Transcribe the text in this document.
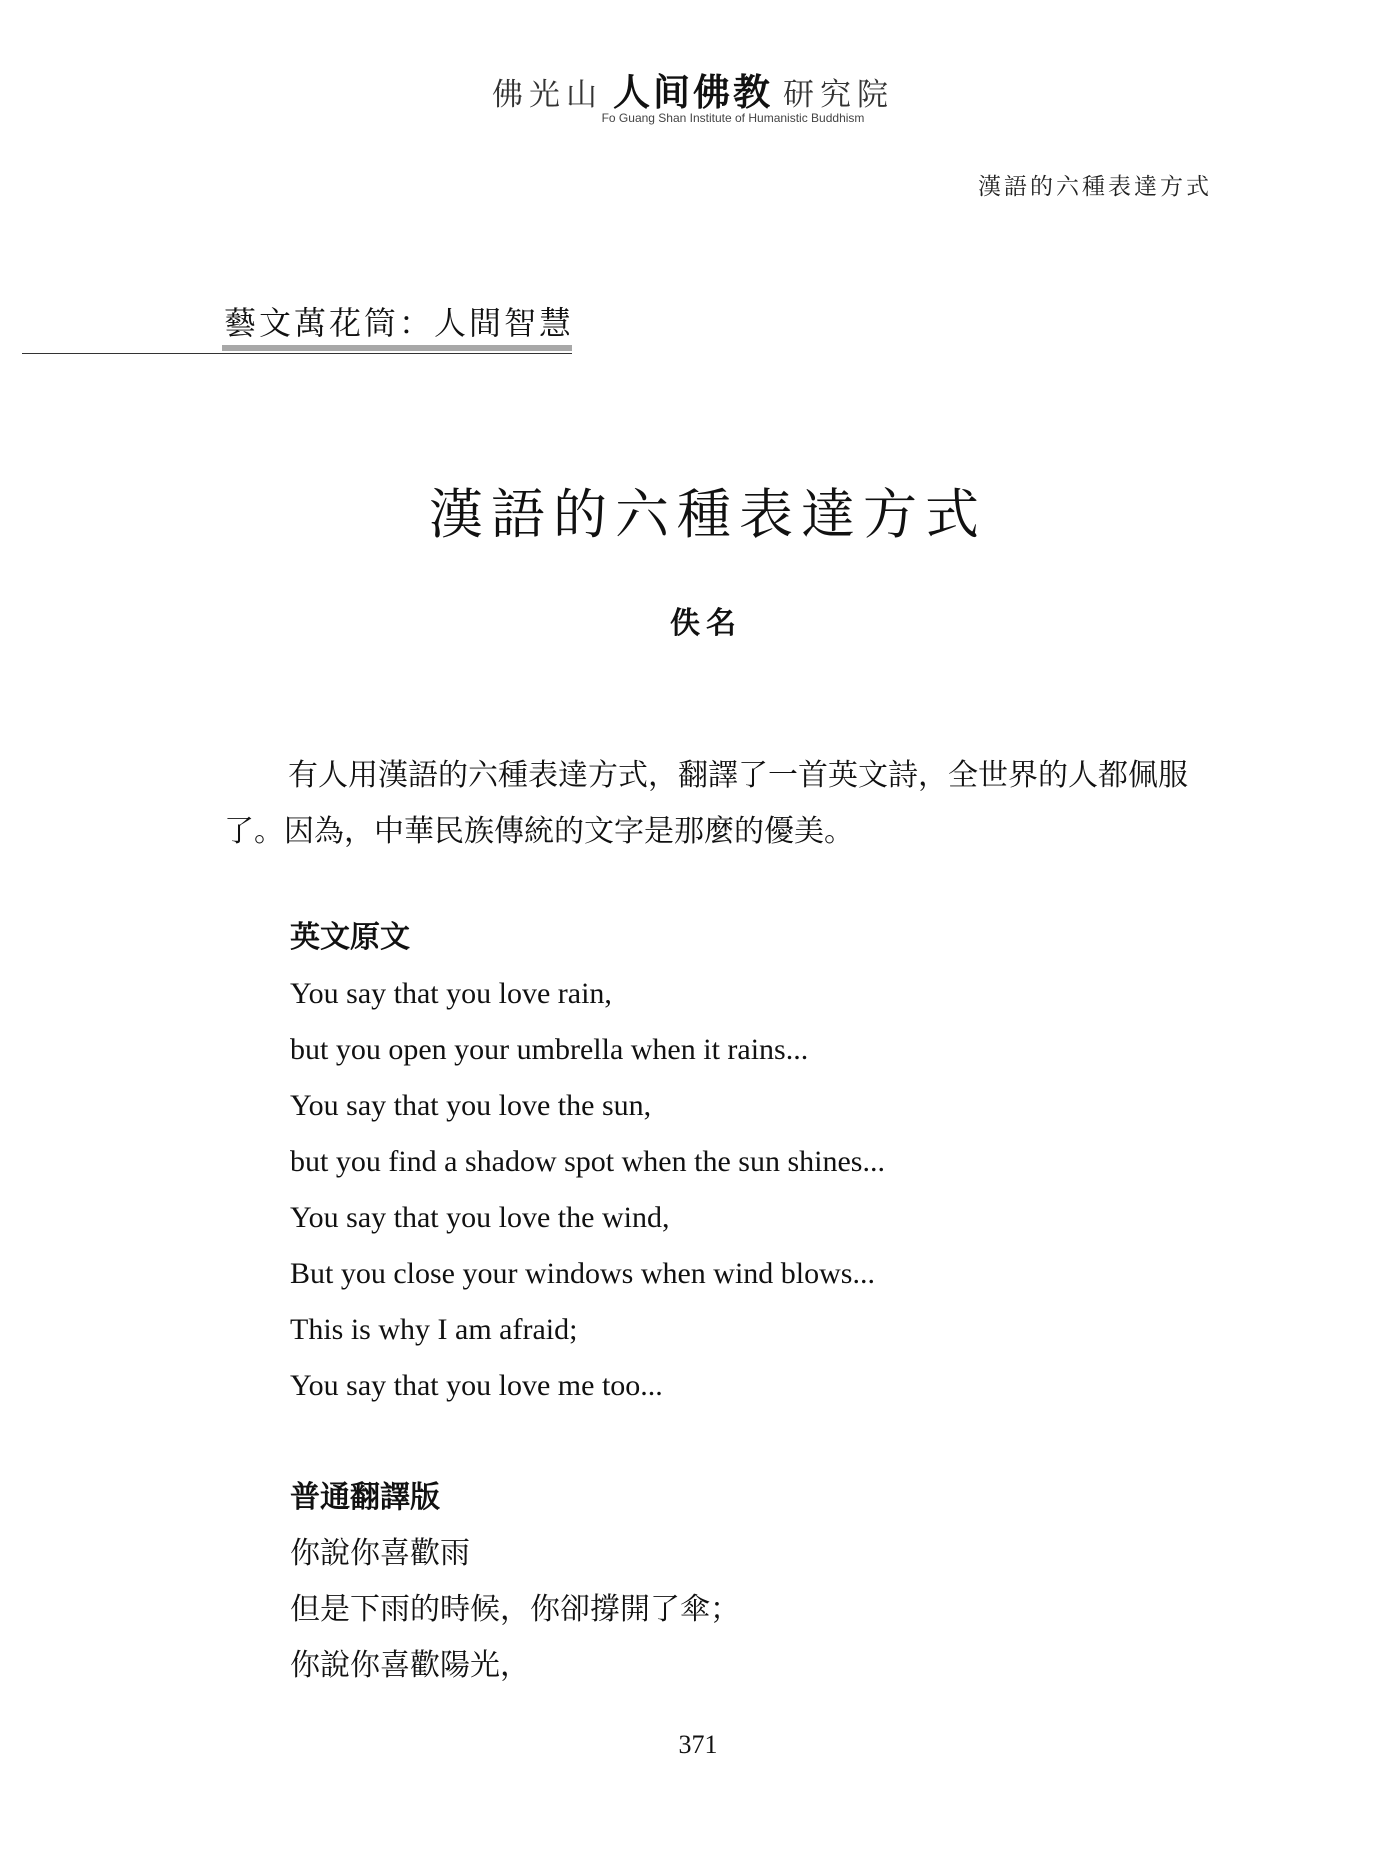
佛光山 人间佛教 研究院
Fo Guang Shan Institute of Humanistic Buddhism
漢語的六種表達方式
藝文萬花筒：人間智慧
漢語的六種表達方式
佚名

有人用漢語的六種表達方式，翻譯了一首英文詩，全世界的人都佩服了。因為，中華民族傳統的文字是那麼的優美。

英文原文
You say that you love rain,
but you open your umbrella when it rains...
You say that you love the sun,
but you find a shadow spot when the sun shines...
You say that you love the wind,
But you close your windows when wind blows...
This is why I am afraid;
You say that you love me too...
普通翻譯版
你說你喜歡雨
但是下雨的時候，你卻撐開了傘；
你說你喜歡陽光，
371
